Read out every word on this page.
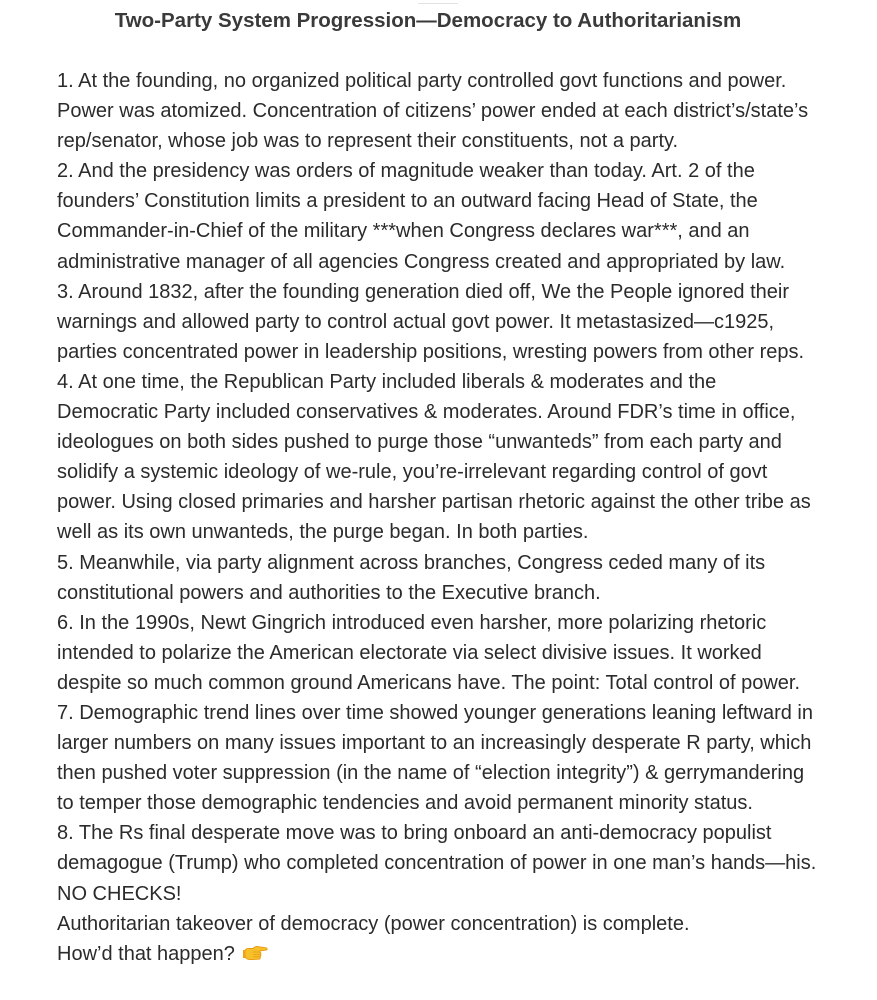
Two-Party System Progression—Democracy to Authoritarianism
1. At the founding, no organized political party controlled govt functions and power.
Power was atomized. Concentration of citizens’ power ended at each district’s/state’s
rep/senator, whose job was to represent their constituents, not a party.
2. And the presidency was orders of magnitude weaker than today. Art. 2 of the
founders’ Constitution limits a president to an outward facing Head of State, the
Commander-in-Chief of the military ***when Congress declares war***, and an
administrative manager of all agencies Congress created and appropriated by law.
3. Around 1832, after the founding generation died off, We the People ignored their
warnings and allowed party to control actual govt power. It metastasized—c1925,
parties concentrated power in leadership positions, wresting powers from other reps.
4. At one time, the Republican Party included liberals & moderates and the
Democratic Party included conservatives & moderates. Around FDR’s time in office,
ideologues on both sides pushed to purge those “unwanteds” from each party and
solidify a systemic ideology of we-rule, you’re-irrelevant regarding control of govt
power. Using closed primaries and harsher partisan rhetoric against the other tribe as
well as its own unwanteds, the purge began. In both parties.
5. Meanwhile, via party alignment across branches, Congress ceded many of its
constitutional powers and authorities to the Executive branch.
6. In the 1990s, Newt Gingrich introduced even harsher, more polarizing rhetoric
intended to polarize the American electorate via select divisive issues. It worked
despite so much common ground Americans have. The point: Total control of power.
7. Demographic trend lines over time showed younger generations leaning leftward in
larger numbers on many issues important to an increasingly desperate R party, which
then pushed voter suppression (in the name of “election integrity”) & gerrymandering
to temper those demographic tendencies and avoid permanent minority status.
8. The Rs final desperate move was to bring onboard an anti-democracy populist
demagogue (Trump) who completed concentration of power in one man’s hands—his.
NO CHECKS!
Authoritarian takeover of democracy (power concentration) is complete.
How’d that happen?
